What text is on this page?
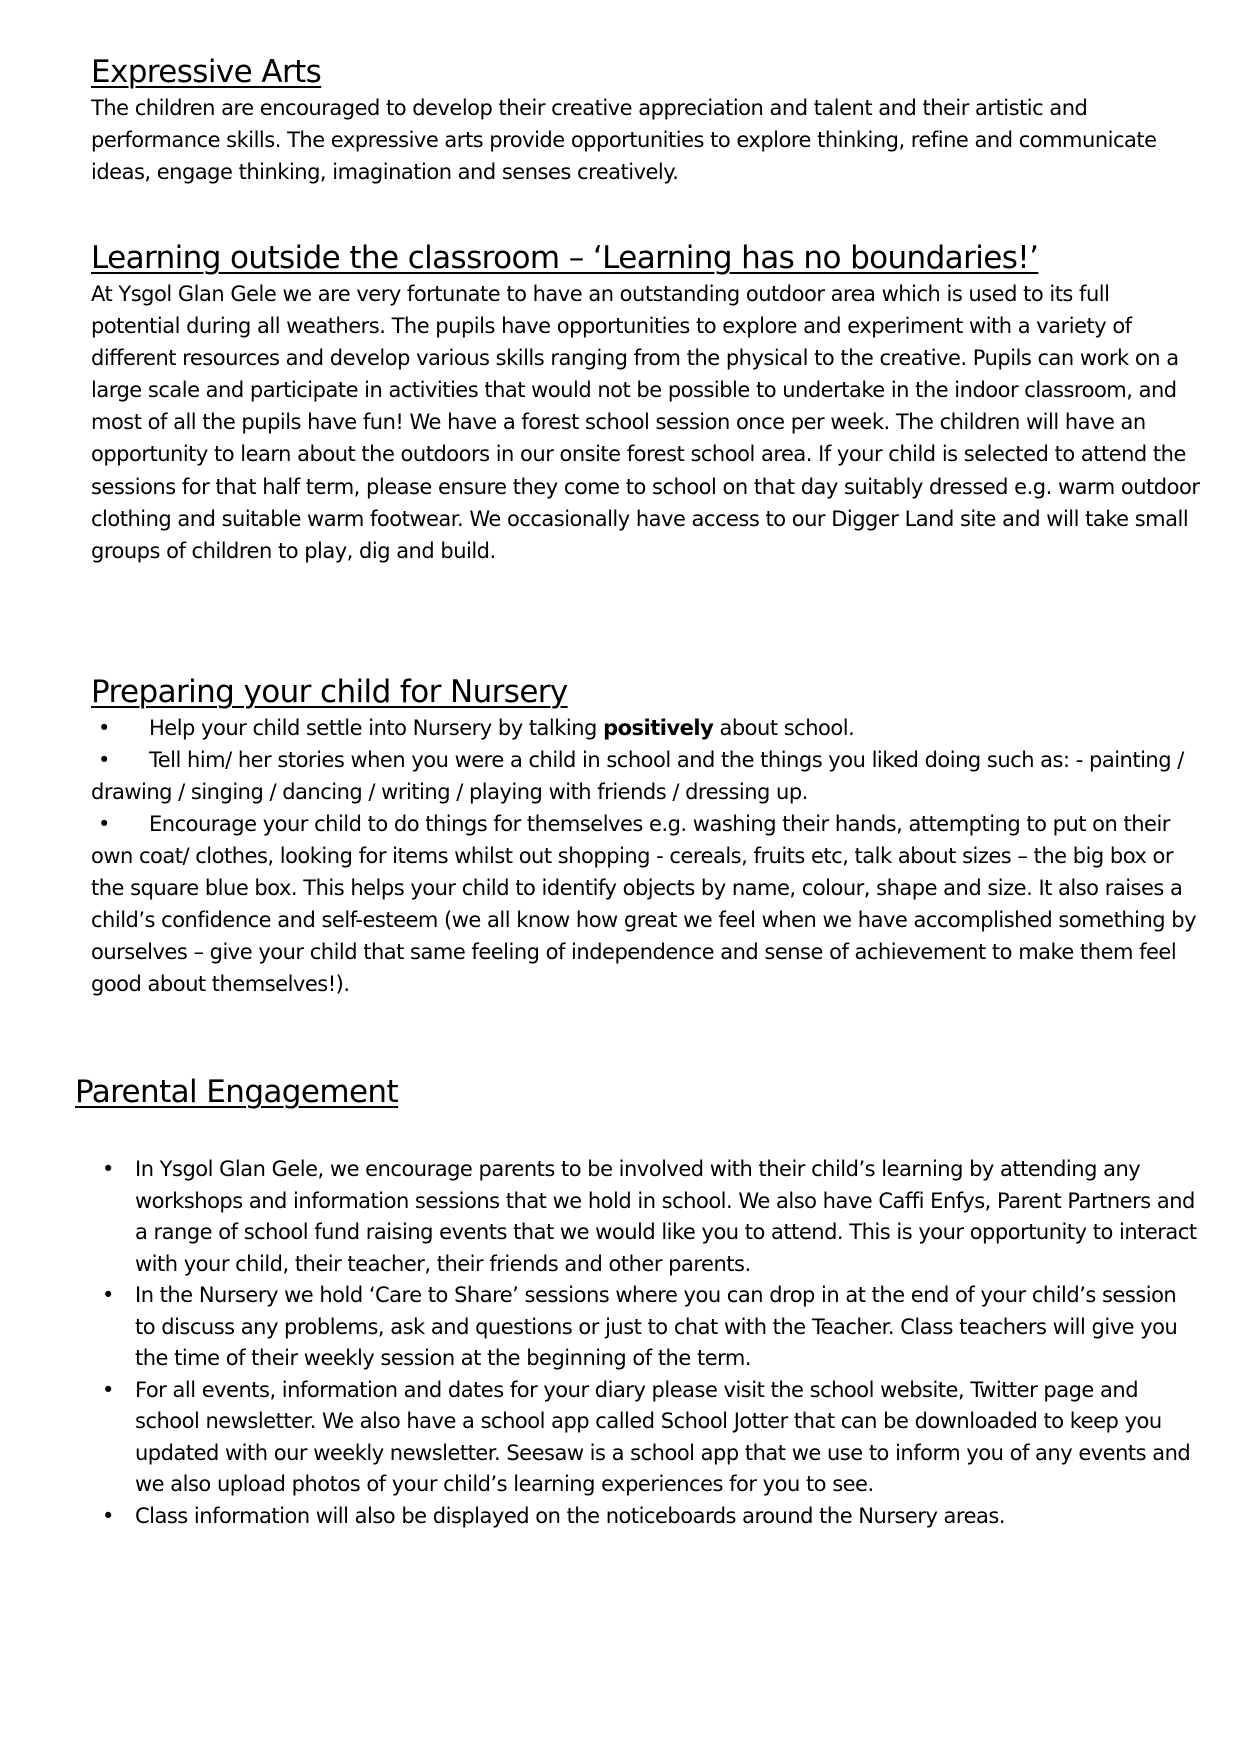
Expressive Arts

The children are encouraged to develop their creative appreciation and talent and their artistic and performance skills. The expressive arts provide opportunities to explore thinking, refine and communicate ideas, engage thinking, imagination and senses creatively.

Learning outside the classroom – ‘Learning has no boundaries!’

At Ysgol Glan Gele we are very fortunate to have an outstanding outdoor area which is used to its full potential during all weathers. The pupils have opportunities to explore and experiment with a variety of different resources and develop various skills ranging from the physical to the creative. Pupils can work on a large scale and participate in activities that would not be possible to undertake in the indoor classroom, and most of all the pupils have fun! We have a forest school session once per week. The children will have an opportunity to learn about the outdoors in our onsite forest school area. If your child is selected to attend the sessions for that half term, please ensure they come to school on that day suitably dressed e.g. warm outdoor clothing and suitable warm footwear. We occasionally have access to our Digger Land site and will take small groups of children to play, dig and build.

Preparing your child for Nursery

• Help your child settle into Nursery by talking positively about school.

• Tell him/ her stories when you were a child in school and the things you liked doing such as: - painting / drawing / singing / dancing / writing / playing with friends / dressing up.

• Encourage your child to do things for themselves e.g. washing their hands, attempting to put on their own coat/ clothes, looking for items whilst out shopping - cereals, fruits etc, talk about sizes – the big box or the square blue box. This helps your child to identify objects by name, colour, shape and size. It also raises a child’s confidence and self-esteem (we all know how great we feel when we have accomplished something by ourselves – give your child that same feeling of independence and sense of achievement to make them feel good about themselves!).

Parental Engagement
• In Ysgol Glan Gele, we encourage parents to be involved with their child’s learning by attending any workshops and information sessions that we hold in school. We also have Caffi Enfys, Parent Partners and a range of school fund raising events that we would like you to attend. This is your opportunity to interact with your child, their teacher, their friends and other parents.
• In the Nursery we hold ‘Care to Share’ sessions where you can drop in at the end of your child’s session to discuss any problems, ask and questions or just to chat with the Teacher. Class teachers will give you the time of their weekly session at the beginning of the term.
• For all events, information and dates for your diary please visit the school website, Twitter page and school newsletter. We also have a school app called School Jotter that can be downloaded to keep you updated with our weekly newsletter. Seesaw is a school app that we use to inform you of any events and we also upload photos of your child’s learning experiences for you to see.
• Class information will also be displayed on the noticeboards around the Nursery areas.
